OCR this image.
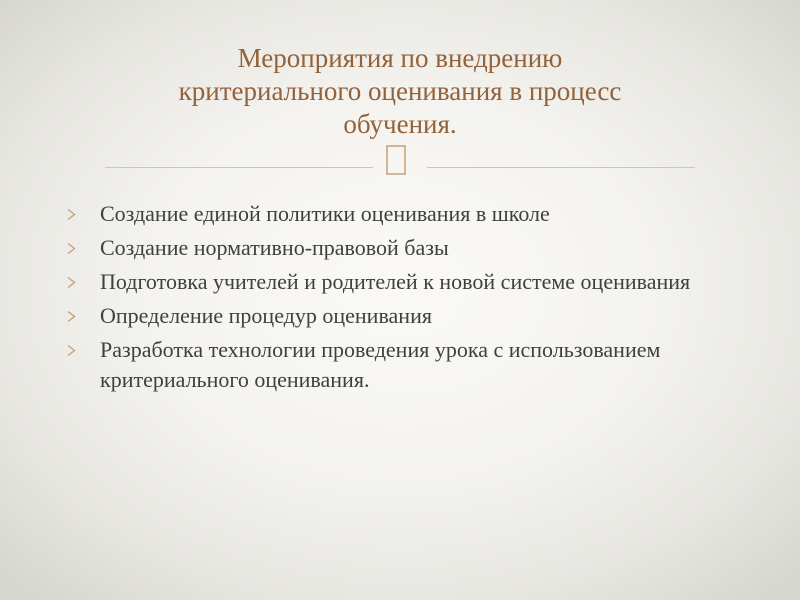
Мероприятия по внедрению
критериального оценивания в процесс
обучения.
Создание единой политики оценивания в школе
Создание нормативно-правовой базы
Подготовка учителей и родителей к новой системе оценивания
Определение процедур оценивания
Разработка технологии проведения урока с использованием критериального оценивания.
